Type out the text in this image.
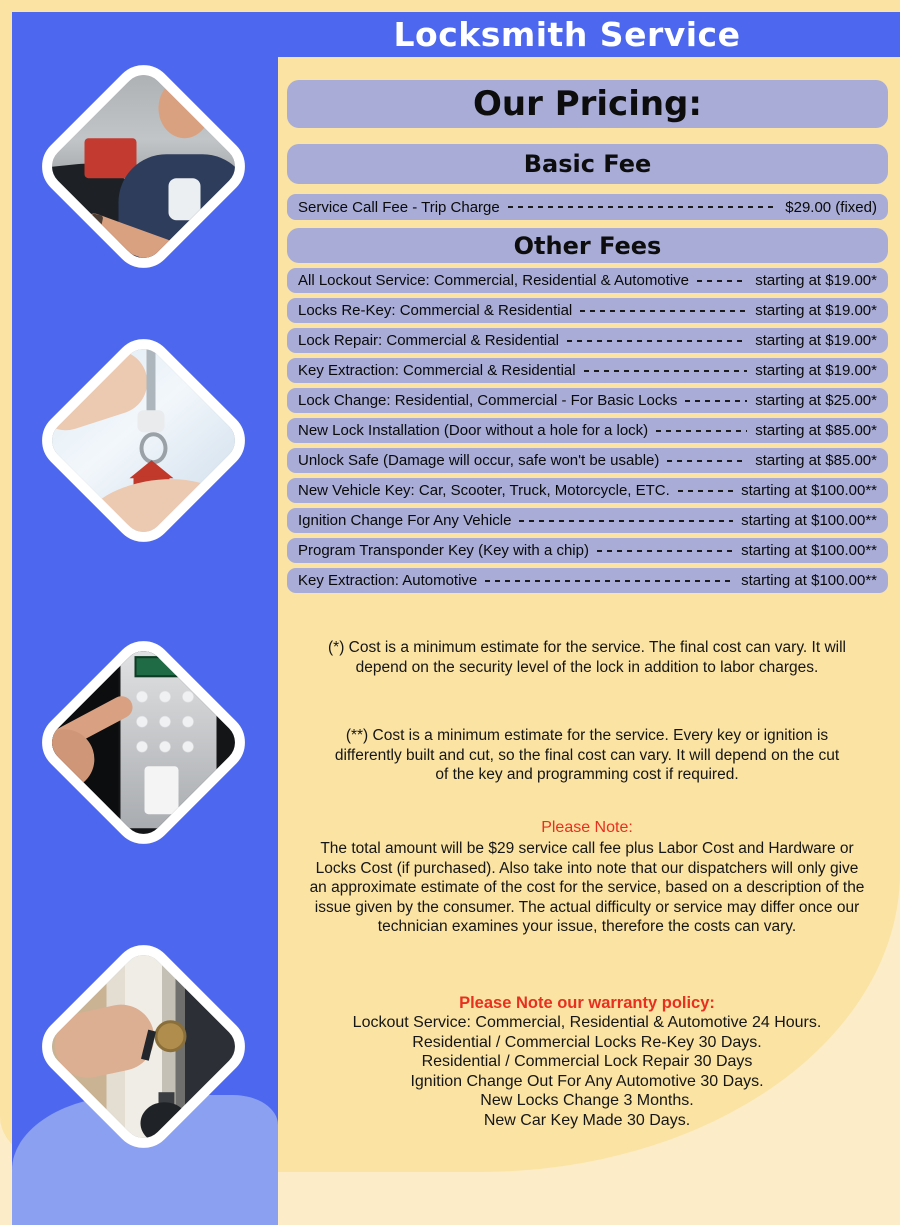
Locksmith Service
Our Pricing:
Basic Fee
Service Call Fee - Trip Charge	$29.00 (fixed)
Other Fees
All Lockout Service: Commercial, Residential & Automotive	starting at $19.00*
Locks Re-Key: Commercial & Residential	starting at $19.00*
Lock Repair: Commercial & Residential	starting at $19.00*
Key Extraction: Commercial & Residential	starting at $19.00*
Lock Change: Residential, Commercial - For Basic Locks	starting at $25.00*
New Lock Installation (Door without a hole for a lock)	starting at $85.00*
Unlock Safe (Damage will occur, safe won't be usable)	starting at $85.00*
New Vehicle Key: Car, Scooter, Truck, Motorcycle, ETC.	starting at $100.00**
Ignition Change For Any Vehicle	starting at $100.00**
Program Transponder Key (Key with a chip)	starting at $100.00**
Key Extraction: Automotive	starting at $100.00**

(*) Cost is a minimum estimate for the service. The final cost can vary. It will depend on the security level of the lock in addition to labor charges.

(**) Cost is a minimum estimate for the service. Every key or ignition is differently built and cut, so the final cost can vary. It will depend on the cut of the key and programming cost if required.

Please Note:

The total amount will be $29 service call fee plus Labor Cost and Hardware or Locks Cost (if purchased). Also take into note that our dispatchers will only give an approximate estimate of the cost for the service, based on a description of the issue given by the consumer. The actual difficulty or service may differ once our technician examines your issue, therefore the costs can vary.

Please Note our warranty policy:
Lockout Service: Commercial, Residential & Automotive 24 Hours.
Residential / Commercial Locks Re-Key 30 Days.
Residential / Commercial Lock Repair 30 Days
Ignition Change Out For Any Automotive 30 Days.
New Locks Change 3 Months.
New Car Key Made 30 Days.
